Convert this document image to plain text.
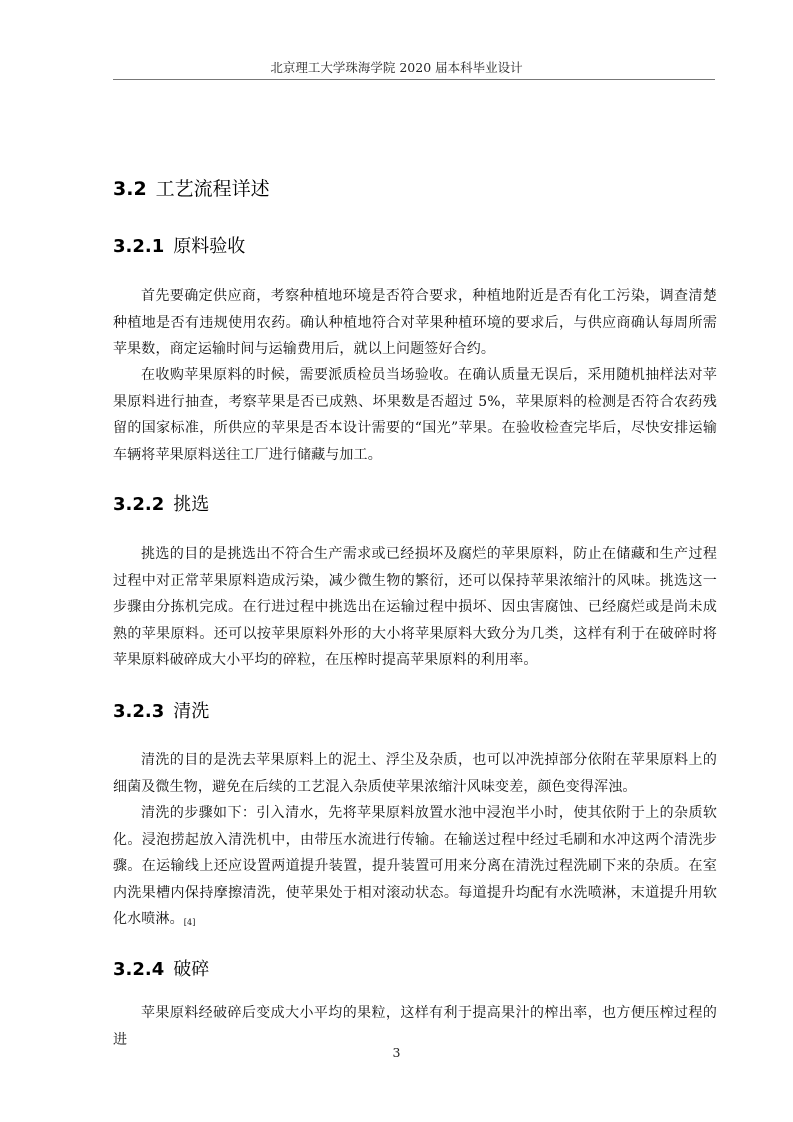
北京理工大学珠海学院 2020 届本科毕业设计
3.2 工艺流程详述
3.2.1 原料验收

首先要确定供应商，考察种植地环境是否符合要求，种植地附近是否有化工污染，调查清楚种植地是否有违规使用农药。确认种植地符合对苹果种植环境的要求后，与供应商确认每周所需苹果数，商定运输时间与运输费用后，就以上问题签好合约。

在收购苹果原料的时候，需要派质检员当场验收。在确认质量无误后，采用随机抽样法对苹果原料进行抽查，考察苹果是否已成熟、坏果数是否超过 5%，苹果原料的检测是否符合农药残留的国家标准，所供应的苹果是否本设计需要的“国光”苹果。在验收检查完毕后，尽快安排运输车辆将苹果原料送往工厂进行储藏与加工。

3.2.2 挑选

挑选的目的是挑选出不符合生产需求或已经损坏及腐烂的苹果原料，防止在储藏和生产过程过程中对正常苹果原料造成污染，减少微生物的繁衍，还可以保持苹果浓缩汁的风味。挑选这一步骤由分拣机完成。在行进过程中挑选出在运输过程中损坏、因虫害腐蚀、已经腐烂或是尚未成熟的苹果原料。还可以按苹果原料外形的大小将苹果原料大致分为几类，这样有利于在破碎时将苹果原料破碎成大小平均的碎粒，在压榨时提高苹果原料的利用率。

3.2.3 清洗

清洗的目的是洗去苹果原料上的泥土、浮尘及杂质，也可以冲洗掉部分依附在苹果原料上的细菌及微生物，避免在后续的工艺混入杂质使苹果浓缩汁风味变差，颜色变得浑浊。

清洗的步骤如下：引入清水，先将苹果原料放置水池中浸泡半小时，使其依附于上的杂质软化。浸泡捞起放入清洗机中，由带压水流进行传输。在输送过程中经过毛刷和水冲这两个清洗步骤。在运输线上还应设置两道提升装置，提升装置可用来分离在清洗过程洗刷下来的杂质。在室内洗果槽内保持摩擦清洗，使苹果处于相对滚动状态。每道提升均配有水洗喷淋，末道提升用软化水喷淋。[4]

3.2.4 破碎

苹果原料经破碎后变成大小平均的果粒，这样有利于提高果汁的榨出率，也方便压榨过程的进

3
